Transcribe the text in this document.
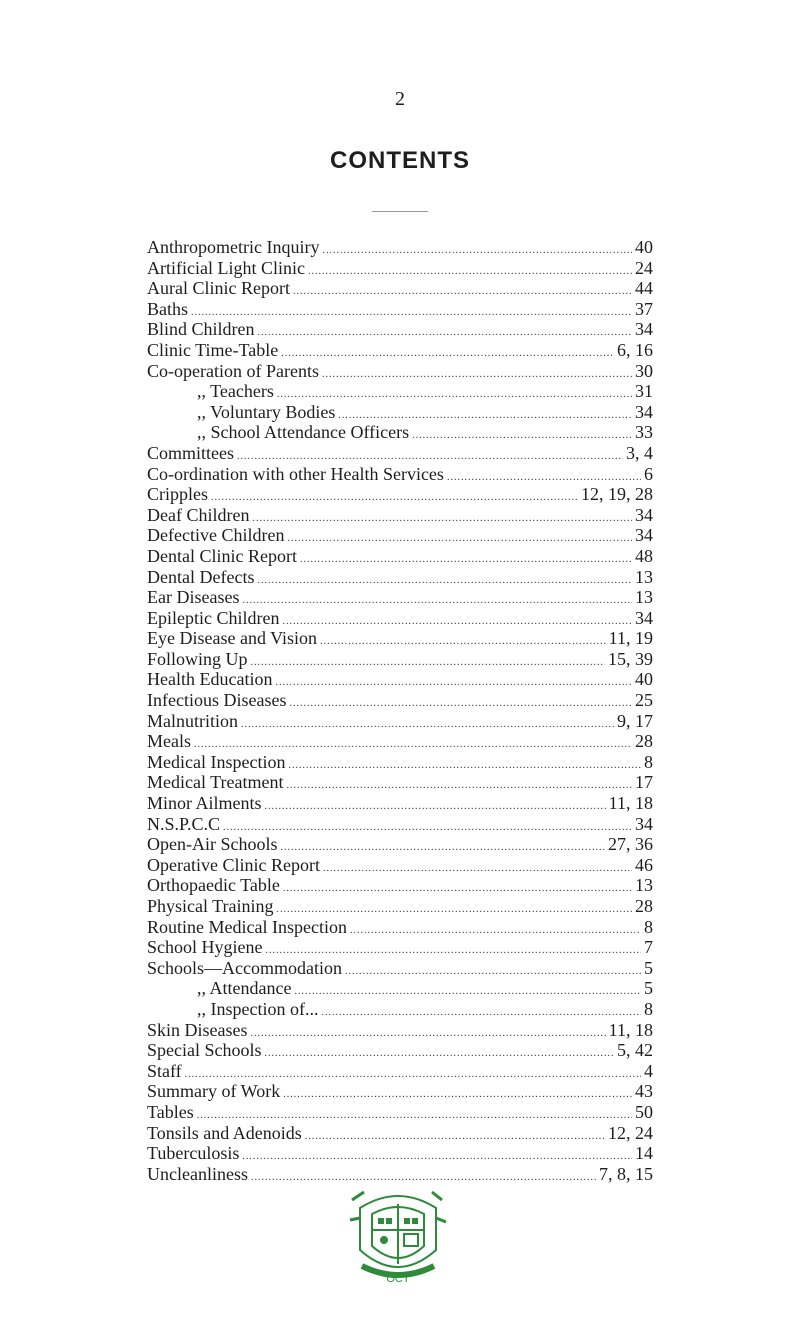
2
CONTENTS
Anthropometric Inquiry .....	40
Artificial Light Clinic .....	24
Aural Clinic Report .....	44
Baths .....	37
Blind Children .....	34
Clinic Time-Table .....	6, 16
Co-operation of Parents .....	30
,, Teachers .....	31
,, Voluntary Bodies .....	34
,, School Attendance Officers .....	33
Committees .....	3, 4
Co-ordination with other Health Services .....	6
Cripples .....	12, 19, 28
Deaf Children .....	34
Defective Children .....	34
Dental Clinic Report .....	48
Dental Defects .....	13
Ear Diseases .....	13
Epileptic Children .....	34
Eye Disease and Vision .....	11, 19
Following Up .....	15, 39
Health Education .....	40
Infectious Diseases .....	25
Malnutrition .....	9, 17
Meals .....	28
Medical Inspection .....	8
Medical Treatment .....	17
Minor Ailments .....	11, 18
N.S.P.C.C .....	34
Open-Air Schools .....	27, 36
Operative Clinic Report .....	46
Orthopaedic Table .....	13
Physical Training .....	28
Routine Medical Inspection .....	8
School Hygiene .....	7
Schools—Accommodation .....	5
,, Attendance .....	5
,, Inspection of... .....	8
Skin Diseases .....	11, 18
Special Schools .....	5, 42
Staff .....	4
Summary of Work .....	43
Tables .....	50
Tonsils and Adenoids .....	12, 24
Tuberculosis .....	14
Uncleanliness .....	7, 8, 15
OCT
